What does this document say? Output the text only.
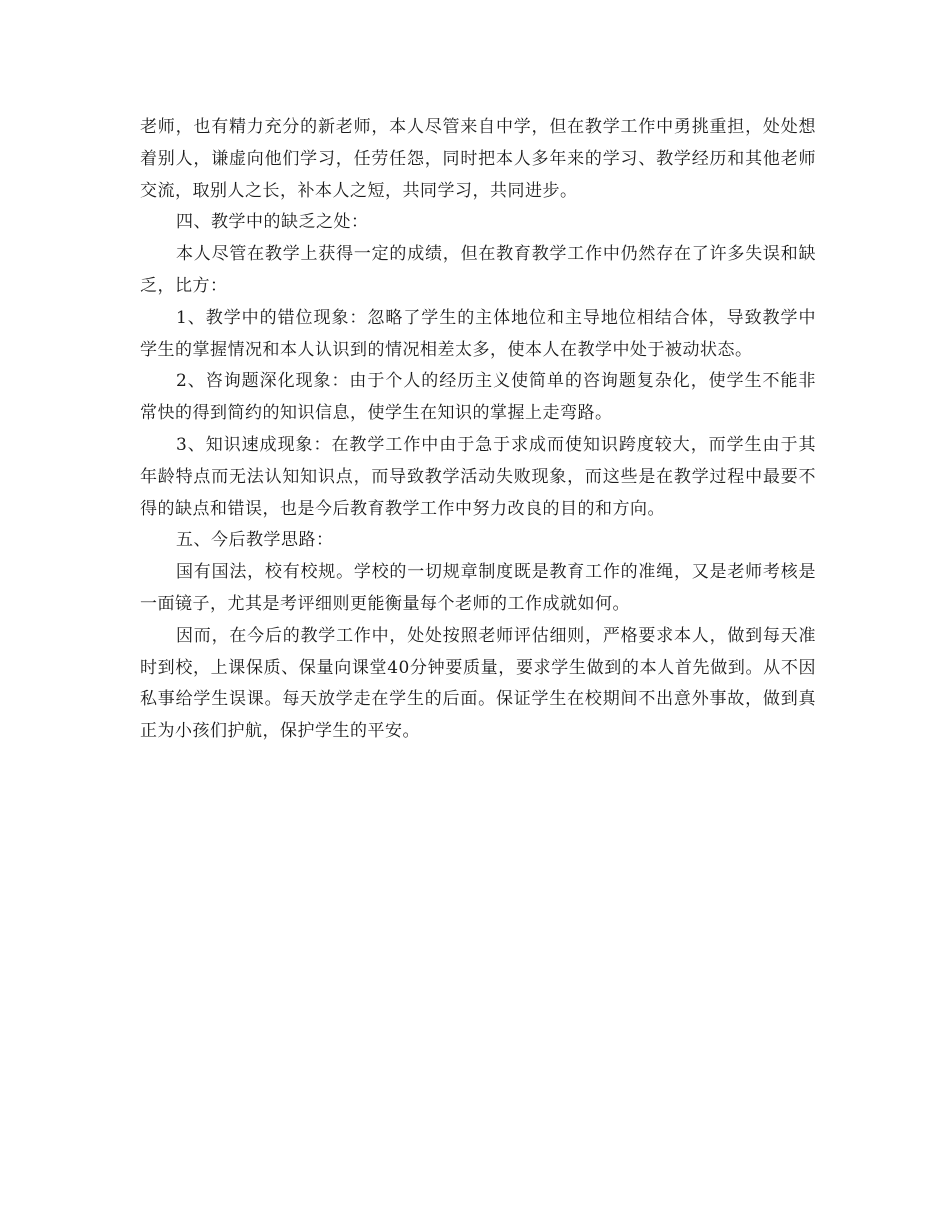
老师，也有精力充分的新老师，本人尽管来自中学，但在教学工作中勇挑重担，处处想着别人，谦虚向他们学习，任劳任怨，同时把本人多年来的学习、教学经历和其他老师交流，取别人之长，补本人之短，共同学习，共同进步。

四、教学中的缺乏之处：

本人尽管在教学上获得一定的成绩，但在教育教学工作中仍然存在了许多失误和缺乏，比方：

1、教学中的错位现象：忽略了学生的主体地位和主导地位相结合体，导致教学中学生的掌握情况和本人认识到的情况相差太多，使本人在教学中处于被动状态。

2、咨询题深化现象：由于个人的经历主义使简单的咨询题复杂化，使学生不能非常快的得到简约的知识信息，使学生在知识的掌握上走弯路。

3、知识速成现象：在教学工作中由于急于求成而使知识跨度较大，而学生由于其年龄特点而无法认知知识点，而导致教学活动失败现象，而这些是在教学过程中最要不得的缺点和错误，也是今后教育教学工作中努力改良的目的和方向。

五、今后教学思路：

国有国法，校有校规。学校的一切规章制度既是教育工作的准绳，又是老师考核是一面镜子，尤其是考评细则更能衡量每个老师的工作成就如何。

因而，在今后的教学工作中，处处按照老师评估细则，严格要求本人，做到每天准时到校，上课保质、保量向课堂40分钟要质量，要求学生做到的本人首先做到。从不因私事给学生误课。每天放学走在学生的后面。保证学生在校期间不出意外事故，做到真正为小孩们护航，保护学生的平安。
